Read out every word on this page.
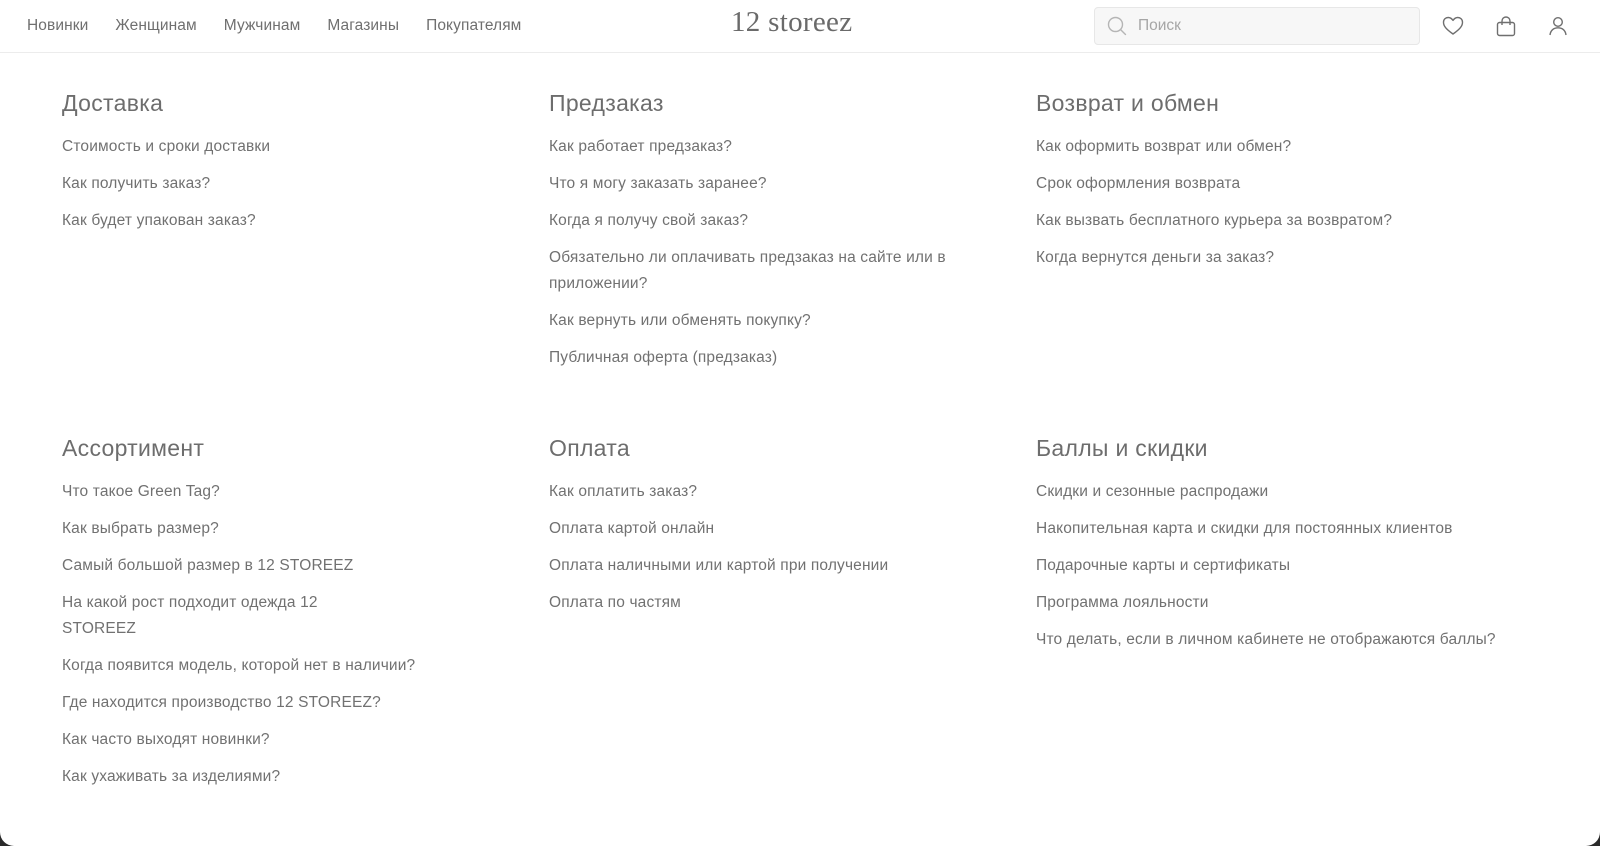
Новинки Женщинам Мужчинам Магазины Покупателям	12 storeez
Поиск
Доставка
Стоимость и сроки доставки
Как получить заказ?
Как будет упакован заказ?
Предзаказ
Как работает предзаказ?
Что я могу заказать заранее?
Когда я получу свой заказ?
Обязательно ли оплачивать предзаказ на сайте или в приложении?
Как вернуть или обменять покупку?
Публичная оферта (предзаказ)
Возврат и обмен
Как оформить возврат или обмен?
Срок оформления возврата
Как вызвать бесплатного курьера за возвратом?
Когда вернутся деньги за заказ?
Ассортимент
Что такое Green Tag?
Как выбрать размер?
Самый большой размер в 12 STOREEZ
На какой рост подходит одежда 12 STOREEZ
Когда появится модель, которой нет в наличии?
Где находится производство 12 STOREEZ?
Как часто выходят новинки?
Как ухаживать за изделиями?
Оплата
Как оплатить заказ?
Оплата картой онлайн
Оплата наличными или картой при получении
Оплата по частям
Баллы и скидки
Скидки и сезонные распродажи
Накопительная карта и скидки для постоянных клиентов
Подарочные карты и сертификаты
Программа лояльности
Что делать, если в личном кабинете не отображаются баллы?
